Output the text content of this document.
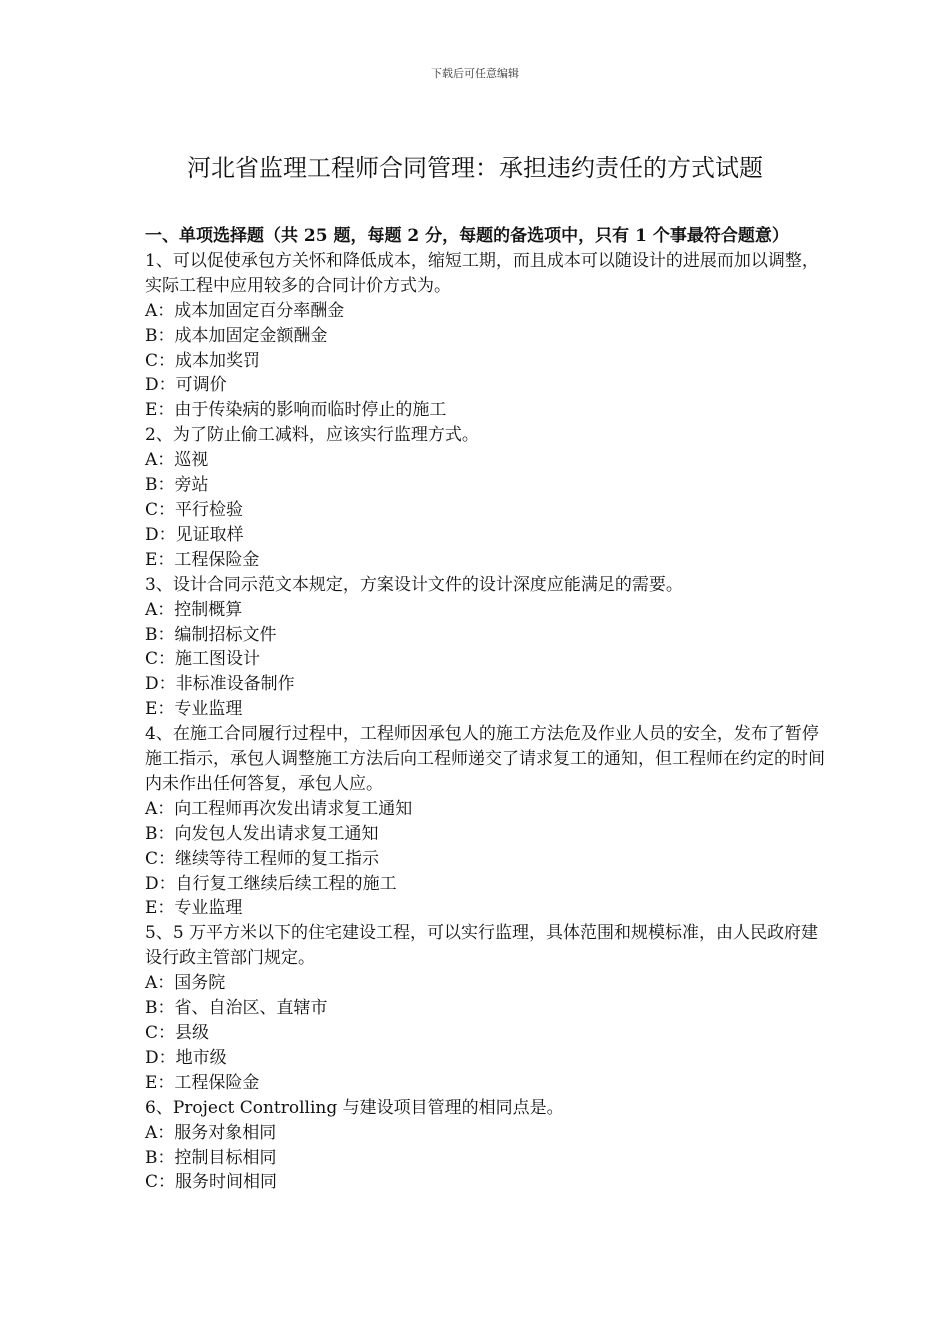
下载后可任意编辑
河北省监理工程师合同管理：承担违约责任的方式试题

一、单项选择题（共 25 题，每题 2 分，每题的备选项中，只有 1 个事最符合题意）

1、可以促使承包方关怀和降低成本，缩短工期，而且成本可以随设计的进展而加以调整，实际工程中应用较多的合同计价方式为。

A：成本加固定百分率酬金

B：成本加固定金额酬金

C：成本加奖罚

D：可调价

E：由于传染病的影响而临时停止的施工

2、为了防止偷工减料，应该实行监理方式。

A：巡视

B：旁站

C：平行检验

D：见证取样

E：工程保险金

3、设计合同示范文本规定，方案设计文件的设计深度应能满足的需要。

A：控制概算

B：编制招标文件

C：施工图设计

D：非标准设备制作

E：专业监理

4、在施工合同履行过程中，工程师因承包人的施工方法危及作业人员的安全，发布了暂停施工指示，承包人调整施工方法后向工程师递交了请求复工的通知，但工程师在约定的时间内未作出任何答复，承包人应。

A：向工程师再次发出请求复工通知

B：向发包人发出请求复工通知

C：继续等待工程师的复工指示

D：自行复工继续后续工程的施工

E：专业监理

5、5 万平方米以下的住宅建设工程，可以实行监理，具体范围和规模标准，由人民政府建设行政主管部门规定。

A：国务院

B：省、自治区、直辖市

C：县级

D：地市级

E：工程保险金

6、Project Controlling 与建设项目管理的相同点是。

A：服务对象相同

B：控制目标相同

C：服务时间相同
